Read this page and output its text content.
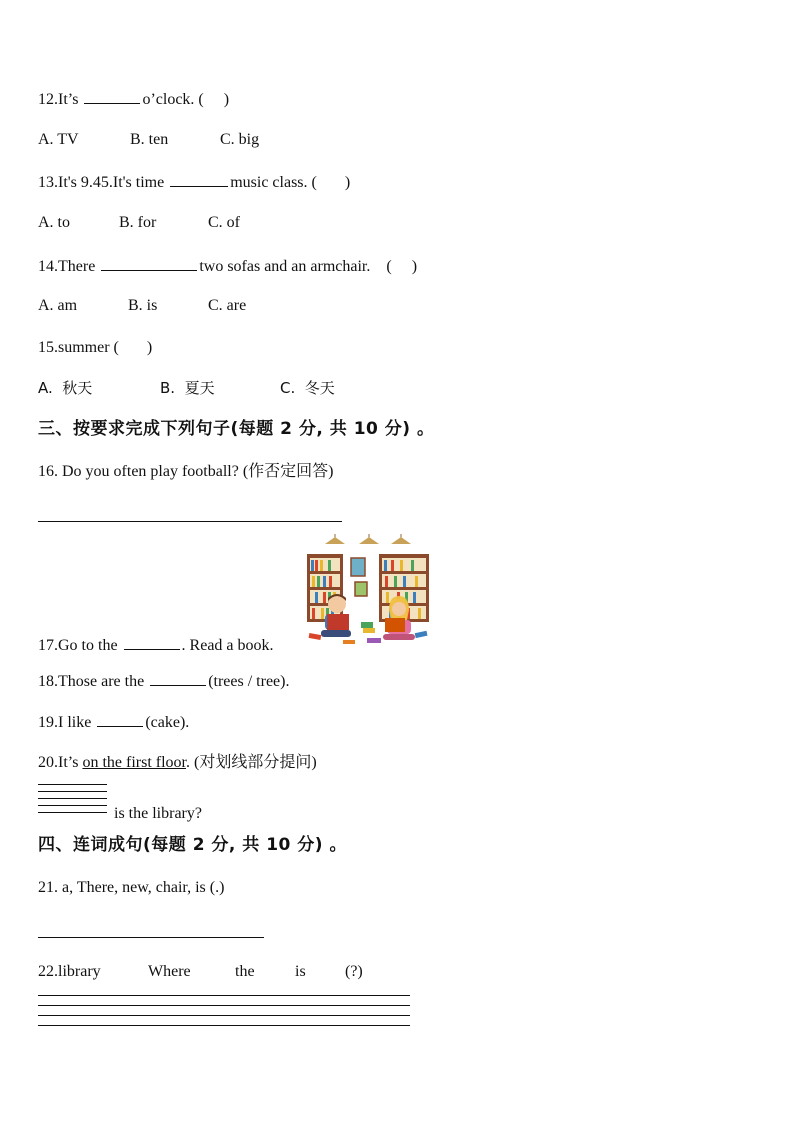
12.It’s	o’clock. (     )
A. TV	B. ten	C. big
13.It's 9.45.It's time	music class. (       )
A. to	B. for	C. of
14.There	two sofas and an armchair.    (     )
A. am	B. is	C. are
15.summer (       )
A.  秋天	B.  夏天	C.  冬天
三、按要求完成下列句子(每题 2 分, 共 10 分) 。
16. Do you often play football? (作否定回答)
17.Go to the	. Read a book.
18.Those are the	(trees / tree).
19.I like	(cake).
20.It’s on the first floor. (对划线部分提问)
is the library?
四、连词成句(每题 2 分, 共 10 分) 。
21. a, There, new, chair, is (.)
22.library	Where	the	is (?)
